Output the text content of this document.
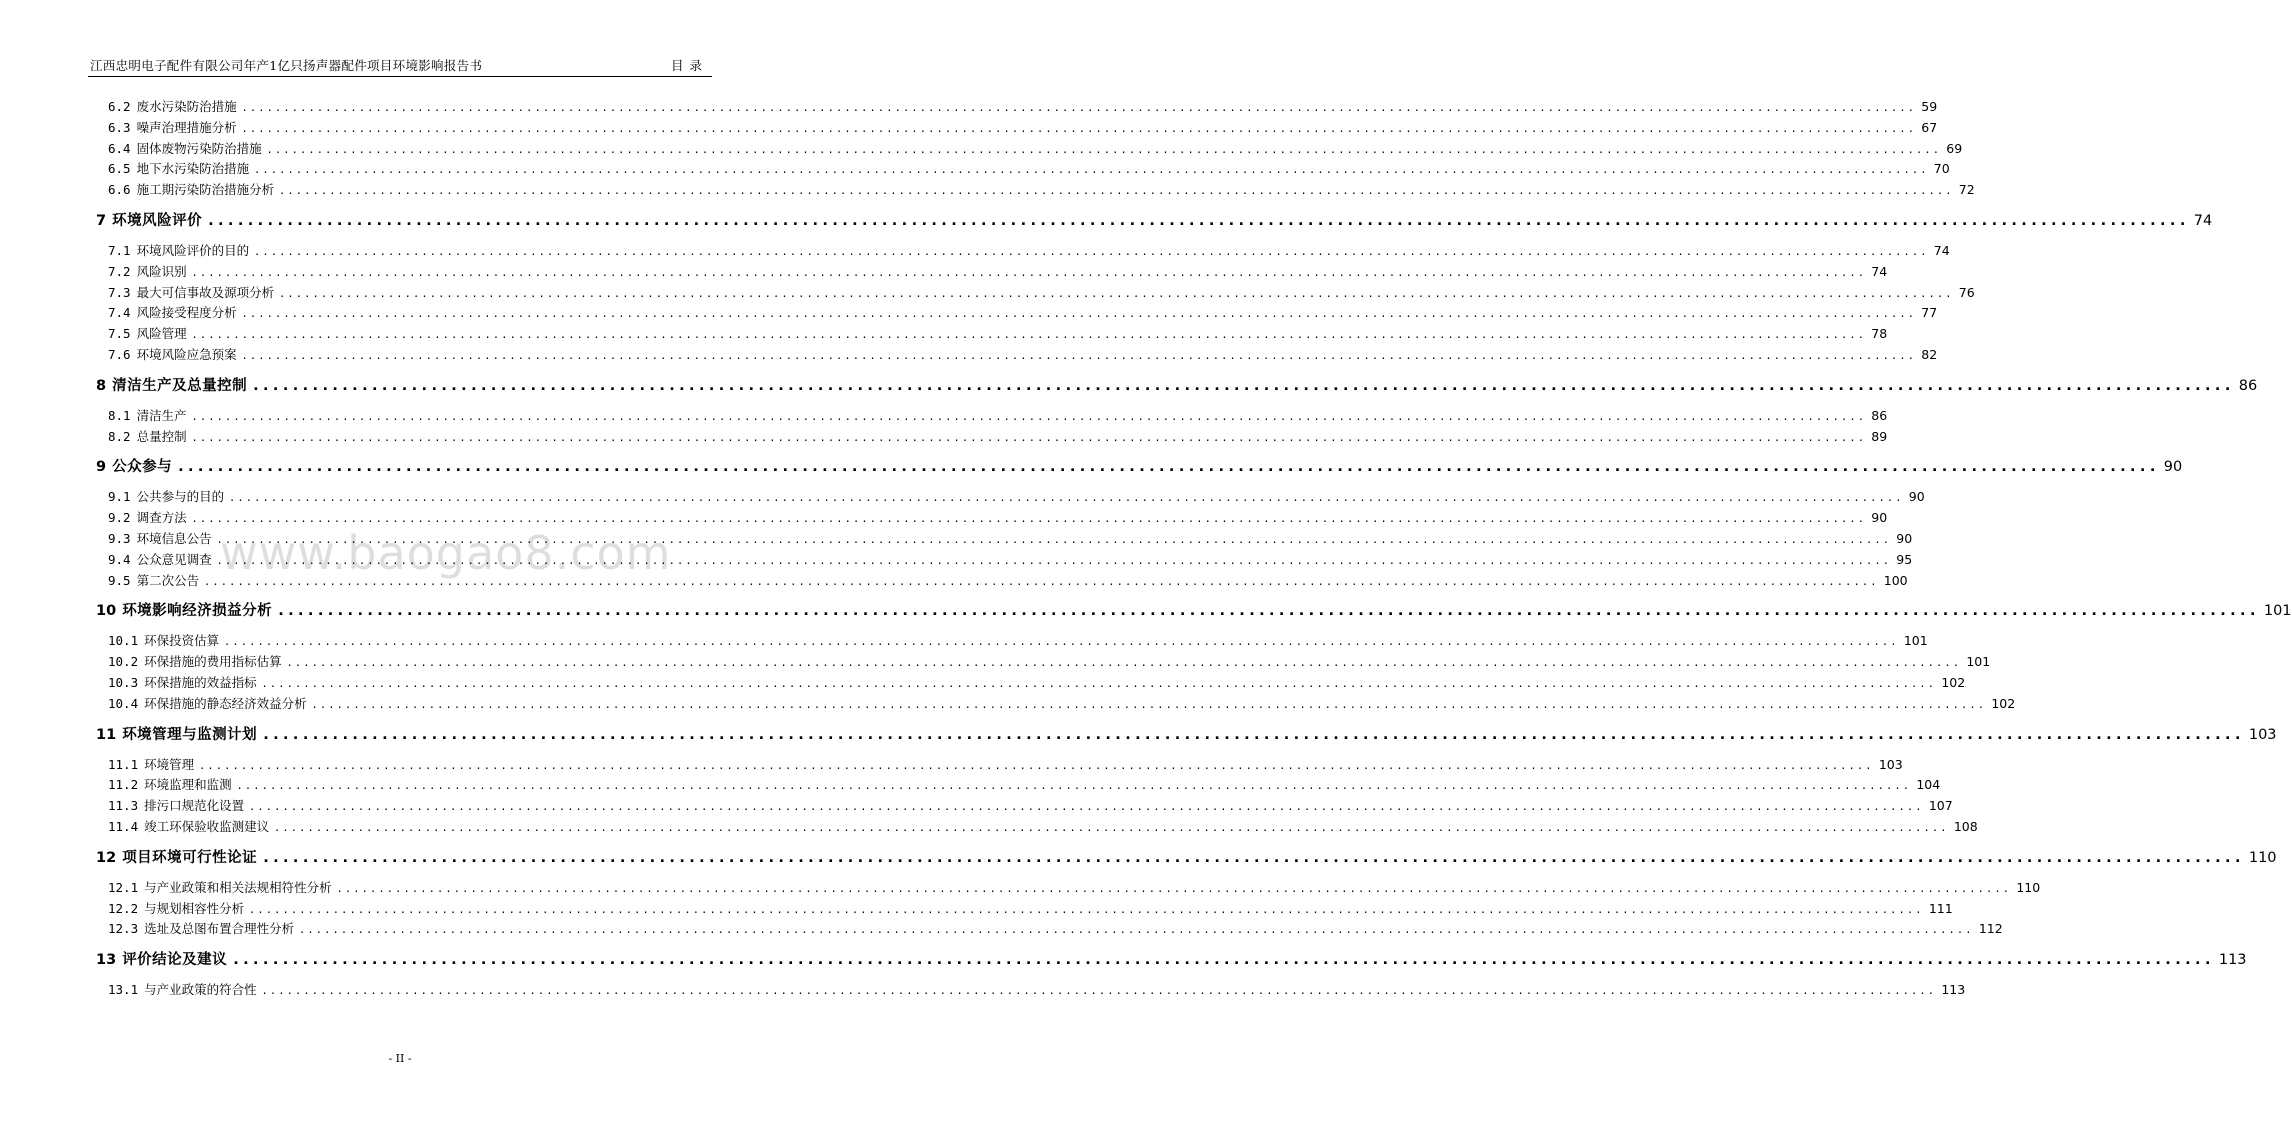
江西忠明电子配件有限公司年产1亿只扬声器配件项目环境影响报告书	目录
www.baogao8.com
6.2 废水污染防治措施 ........................................................................................................................................................................................................ 59
6.3 噪声治理措施分析 ........................................................................................................................................................................................................ 67
6.4 固体废物污染防治措施 ........................................................................................................................................................................................................ 69
6.5 地下水污染防治措施 ........................................................................................................................................................................................................ 70
6.6 施工期污染防治措施分析 ........................................................................................................................................................................................................ 72
7 环境风险评价 ........................................................................................................................................................................................................ 74
7.1 环境风险评价的目的 ........................................................................................................................................................................................................ 74
7.2 风险识别 ........................................................................................................................................................................................................ 74
7.3 最大可信事故及源项分析 ........................................................................................................................................................................................................ 76
7.4 风险接受程度分析 ........................................................................................................................................................................................................ 77
7.5 风险管理 ........................................................................................................................................................................................................ 78
7.6 环境风险应急预案 ........................................................................................................................................................................................................ 82
8 清洁生产及总量控制 ........................................................................................................................................................................................................ 86
8.1 清洁生产 ........................................................................................................................................................................................................ 86
8.2 总量控制 ........................................................................................................................................................................................................ 89
9 公众参与 ........................................................................................................................................................................................................ 90
9.1 公共参与的目的 ........................................................................................................................................................................................................ 90
9.2 调查方法 ........................................................................................................................................................................................................ 90
9.3 环境信息公告 ........................................................................................................................................................................................................ 90
9.4 公众意见调查 ........................................................................................................................................................................................................ 95
9.5 第二次公告 ........................................................................................................................................................................................................ 100
10 环境影响经济损益分析 ........................................................................................................................................................................................................ 101
10.1 环保投资估算 ........................................................................................................................................................................................................ 101
10.2 环保措施的费用指标估算 ........................................................................................................................................................................................................ 101
10.3 环保措施的效益指标 ........................................................................................................................................................................................................ 102
10.4 环保措施的静态经济效益分析 ........................................................................................................................................................................................................ 102
11 环境管理与监测计划 ........................................................................................................................................................................................................ 103
11.1 环境管理 ........................................................................................................................................................................................................ 103
11.2 环境监理和监测 ........................................................................................................................................................................................................ 104
11.3 排污口规范化设置 ........................................................................................................................................................................................................ 107
11.4 竣工环保验收监测建议 ........................................................................................................................................................................................................ 108
12 项目环境可行性论证 ........................................................................................................................................................................................................ 110
12.1 与产业政策和相关法规相符性分析 ........................................................................................................................................................................................................ 110
12.2 与规划相容性分析 ........................................................................................................................................................................................................ 111
12.3 选址及总图布置合理性分析 ........................................................................................................................................................................................................ 112
13 评价结论及建议 ........................................................................................................................................................................................................ 113
13.1 与产业政策的符合性 ........................................................................................................................................................................................................ 113
- II -
